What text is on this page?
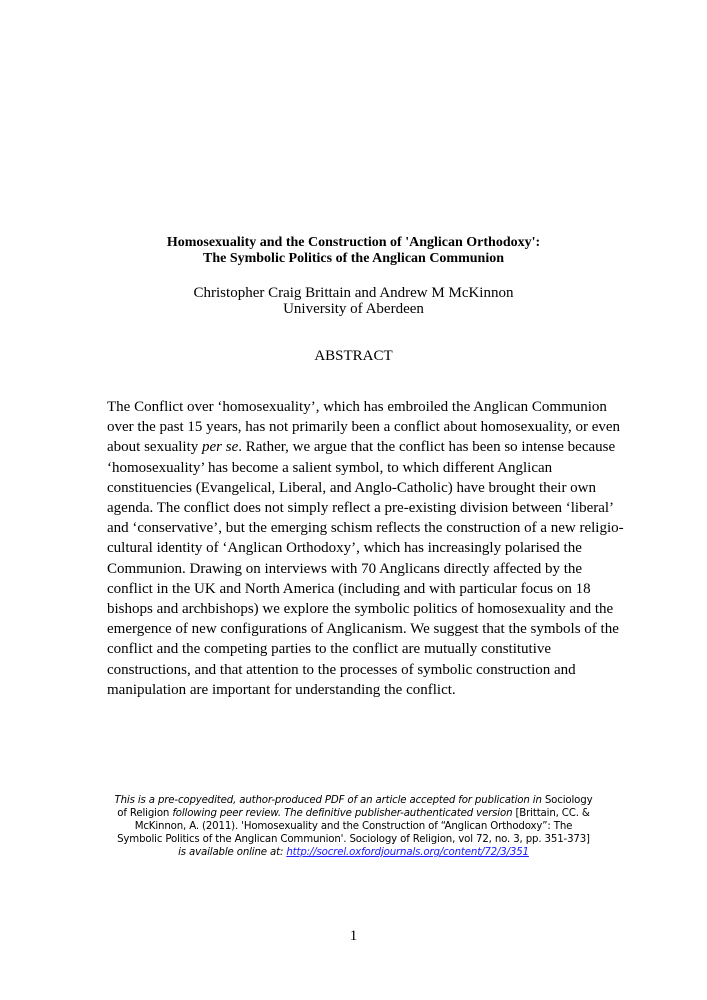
Homosexuality and the Construction of 'Anglican Orthodoxy':
The Symbolic Politics of the Anglican Communion
Christopher Craig Brittain and Andrew M McKinnon
University of Aberdeen
ABSTRACT
The Conflict over ‘homosexuality’, which has embroiled the Anglican Communion
over the past 15 years, has not primarily been a conflict about homosexuality, or even
about sexuality per se. Rather, we argue that the conflict has been so intense because
‘homosexuality’ has become a salient symbol, to which different Anglican
constituencies (Evangelical, Liberal, and Anglo-Catholic) have brought their own
agenda. The conflict does not simply reflect a pre-existing division between ‘liberal’
and ‘conservative’, but the emerging schism reflects the construction of a new religio-
cultural identity of ‘Anglican Orthodoxy’, which has increasingly polarised the
Communion. Drawing on interviews with 70 Anglicans directly affected by the
conflict in the UK and North America (including and with particular focus on 18
bishops and archbishops) we explore the symbolic politics of homosexuality and the
emergence of new configurations of Anglicanism. We suggest that the symbols of the
conflict and the competing parties to the conflict are mutually constitutive
constructions, and that attention to the processes of symbolic construction and
manipulation are important for understanding the conflict.
This is a pre-copyedited, author-produced PDF of an article accepted for publication in Sociology
of Religion following peer review. The definitive publisher-authenticated version [Brittain, CC. &
McKinnon, A. (2011). 'Homosexuality and the Construction of “Anglican Orthodoxy”: The
Symbolic Politics of the Anglican Communion'. Sociology of Religion, vol 72, no. 3, pp. 351-373]
is available online at: http://socrel.oxfordjournals.org/content/72/3/351
1
